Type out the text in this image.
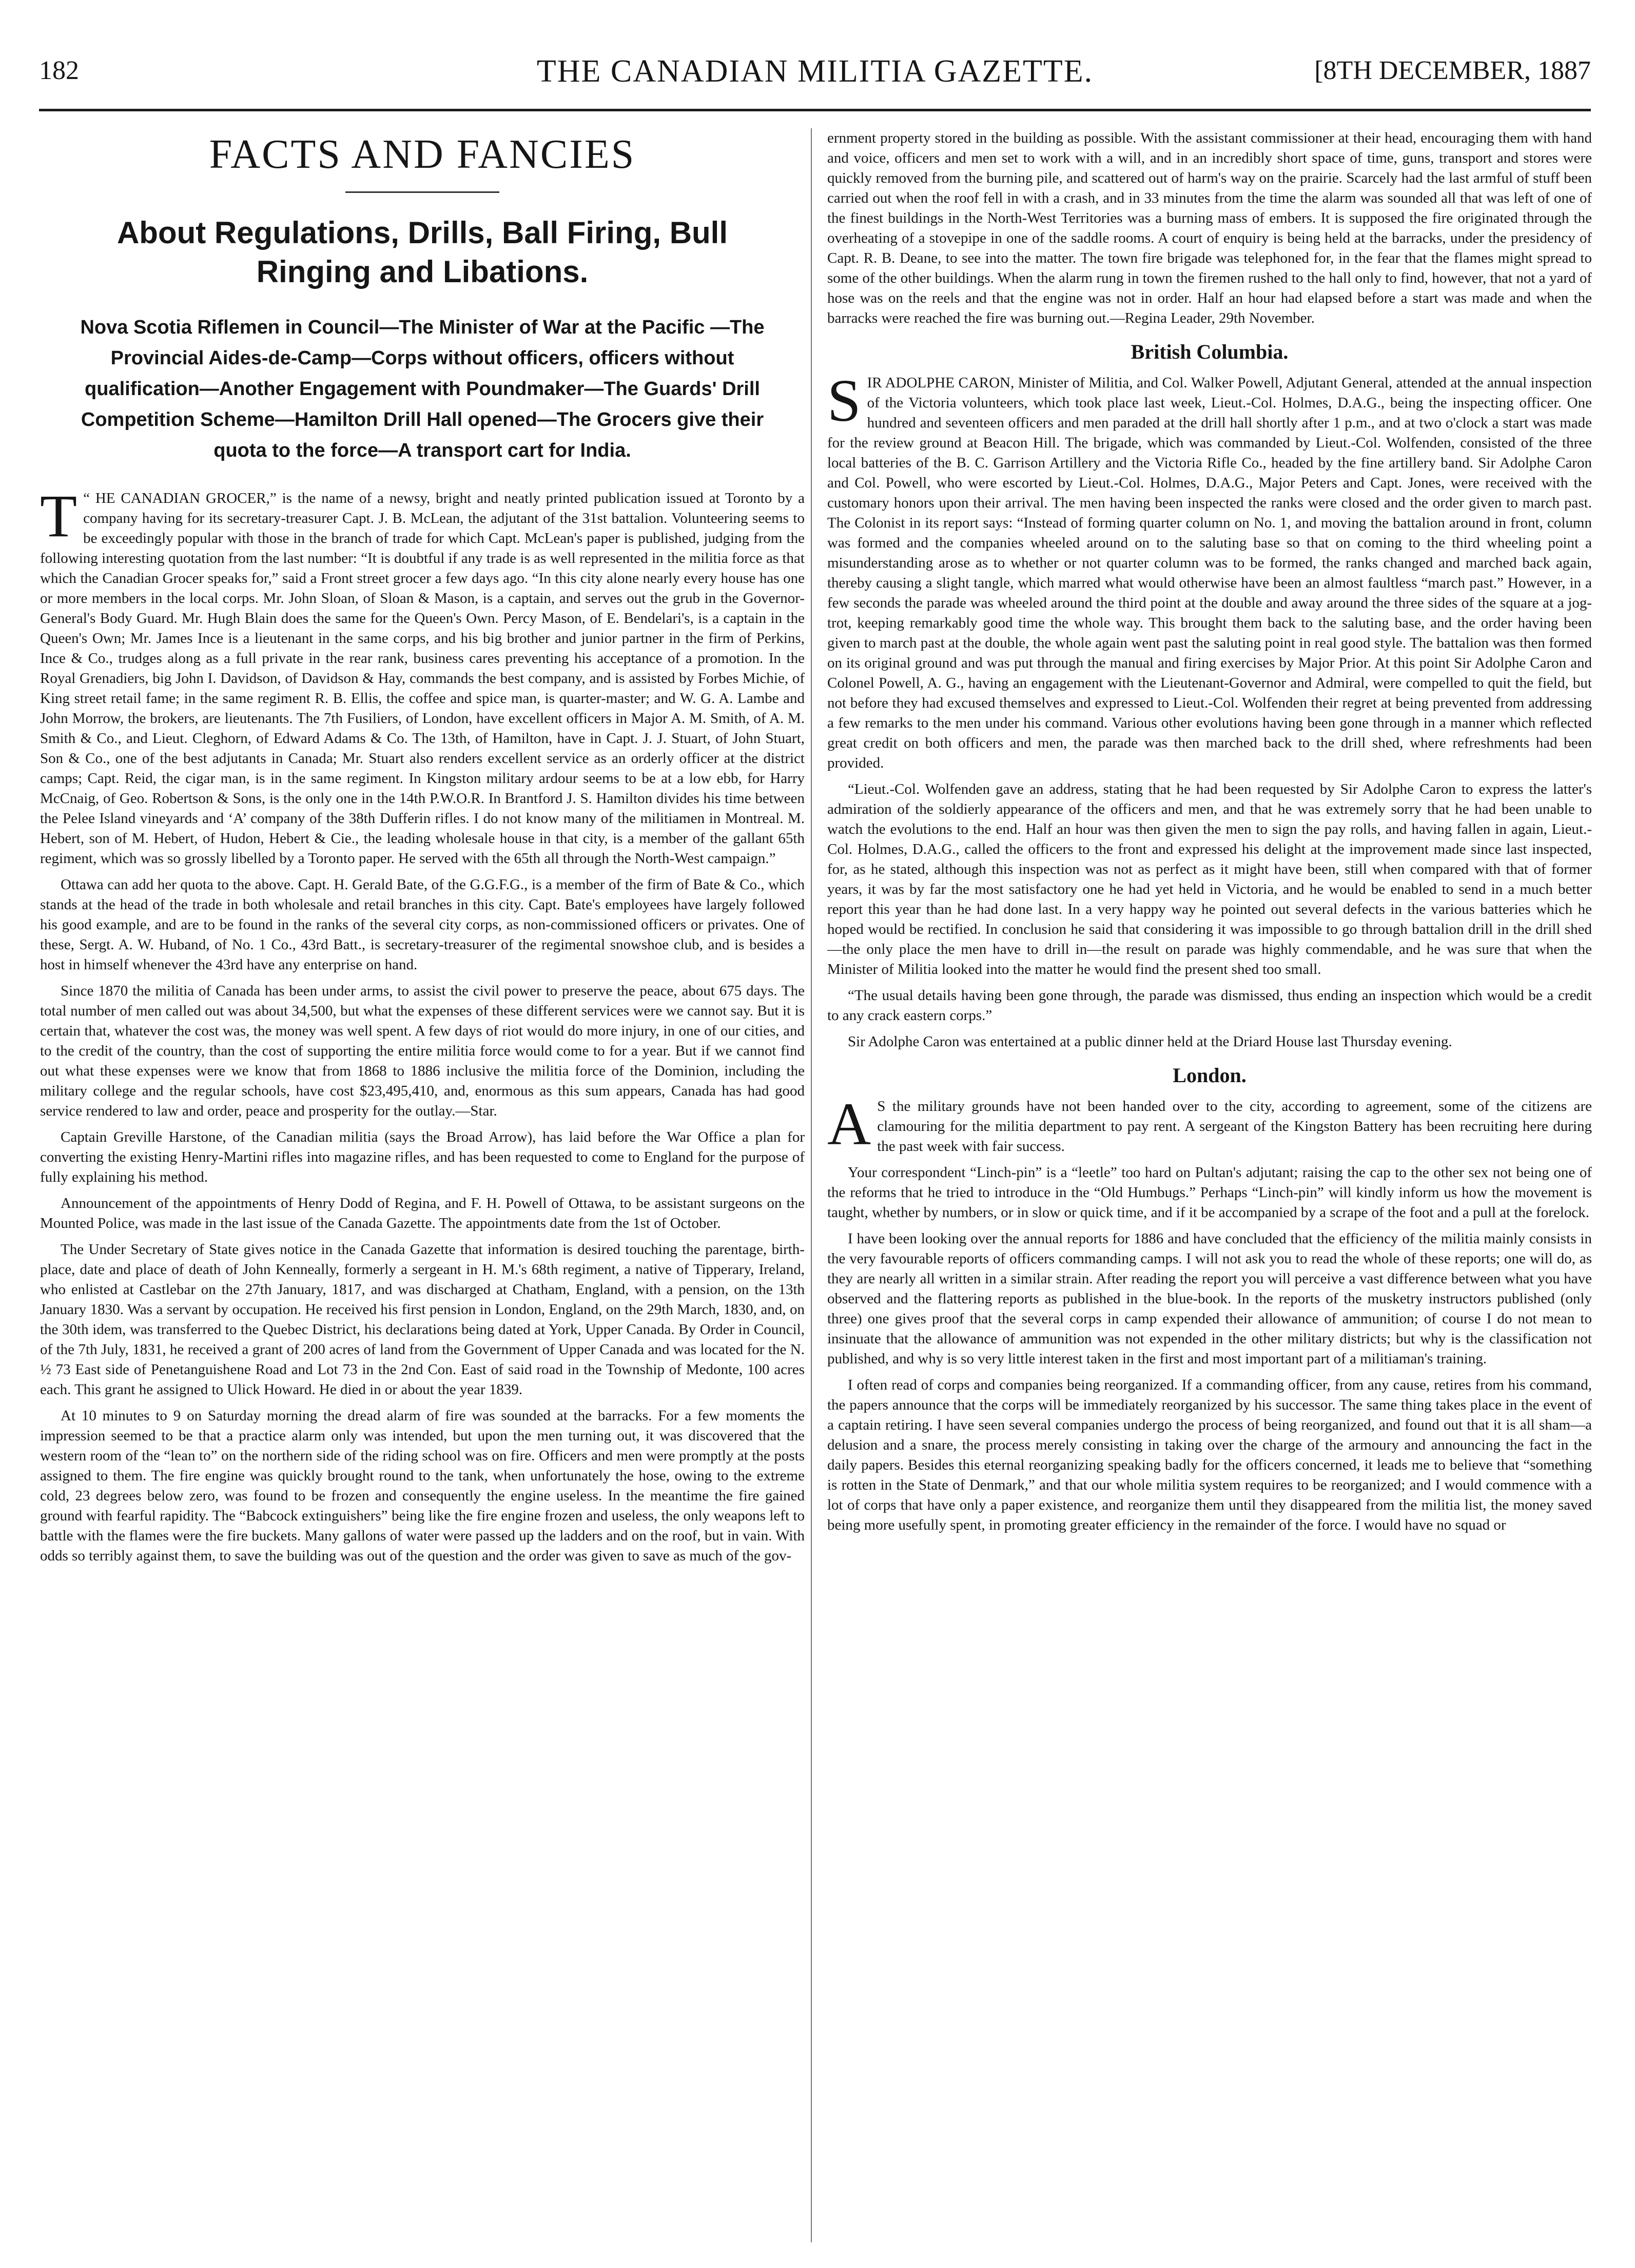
182	THE CANADIAN MILITIA GAZETTE.	[8TH DECEMBER, 1887
FACTS AND FANCIES
About Regulations, Drills, Ball Firing, Bull Ringing and Libations.
Nova Scotia Riflemen in Council—The Minister of War at the Pacific —The Provincial Aides-de-Camp—Corps without officers, officers without qualification—Another Engagement with Poundmaker—The Guards' Drill Competition Scheme—Hamilton Drill Hall opened—The Grocers give their quota to the force—A transport cart for India.

T “ HE CANADIAN GROCER,” is the name of a newsy, bright and neatly printed publication issued at Toronto by a company having for its secretary-treasurer Capt. J. B. McLean, the adjutant of the 31st battalion. Volunteering seems to be exceedingly popular with those in the branch of trade for which Capt. McLean's paper is published, judging from the following interesting quotation from the last number: “It is doubtful if any trade is as well represented in the militia force as that which the Canadian Grocer speaks for,” said a Front street grocer a few days ago. “In this city alone nearly every house has one or more members in the local corps. Mr. John Sloan, of Sloan & Mason, is a captain, and serves out the grub in the Governor-General's Body Guard. Mr. Hugh Blain does the same for the Queen's Own. Percy Mason, of E. Bendelari's, is a captain in the Queen's Own; Mr. James Ince is a lieutenant in the same corps, and his big brother and junior partner in the firm of Perkins, Ince & Co., trudges along as a full private in the rear rank, business cares preventing his acceptance of a promotion. In the Royal Grenadiers, big John I. Davidson, of Davidson & Hay, commands the best company, and is assisted by Forbes Michie, of King street retail fame; in the same regiment R. B. Ellis, the coffee and spice man, is quarter-master; and W. G. A. Lambe and John Morrow, the brokers, are lieutenants. The 7th Fusiliers, of London, have excellent officers in Major A. M. Smith, of A. M. Smith & Co., and Lieut. Cleghorn, of Edward Adams & Co. The 13th, of Hamilton, have in Capt. J. J. Stuart, of John Stuart, Son & Co., one of the best adjutants in Canada; Mr. Stuart also renders excellent service as an orderly officer at the district camps; Capt. Reid, the cigar man, is in the same regiment. In Kingston military ardour seems to be at a low ebb, for Harry McCnaig, of Geo. Robertson & Sons, is the only one in the 14th P.W.O.R. In Brantford J. S. Hamilton divides his time between the Pelee Island vineyards and ‘A’ company of the 38th Dufferin rifles. I do not know many of the militiamen in Montreal. M. Hebert, son of M. Hebert, of Hudon, Hebert & Cie., the leading wholesale house in that city, is a member of the gallant 65th regiment, which was so grossly libelled by a Toronto paper. He served with the 65th all through the North-West campaign.”

Ottawa can add her quota to the above. Capt. H. Gerald Bate, of the G.G.F.G., is a member of the firm of Bate & Co., which stands at the head of the trade in both wholesale and retail branches in this city. Capt. Bate's employees have largely followed his good example, and are to be found in the ranks of the several city corps, as non-commissioned officers or privates. One of these, Sergt. A. W. Huband, of No. 1 Co., 43rd Batt., is secretary-treasurer of the regimental snowshoe club, and is besides a host in himself whenever the 43rd have any enterprise on hand.

Since 1870 the militia of Canada has been under arms, to assist the civil power to preserve the peace, about 675 days. The total number of men called out was about 34,500, but what the expenses of these different services were we cannot say. But it is certain that, whatever the cost was, the money was well spent. A few days of riot would do more injury, in one of our cities, and to the credit of the country, than the cost of supporting the entire militia force would come to for a year. But if we cannot find out what these expenses were we know that from 1868 to 1886 inclusive the militia force of the Dominion, including the military college and the regular schools, have cost $23,495,410, and, enormous as this sum appears, Canada has had good service rendered to law and order, peace and prosperity for the outlay.—Star.

Captain Greville Harstone, of the Canadian militia (says the Broad Arrow), has laid before the War Office a plan for converting the existing Henry-Martini rifles into magazine rifles, and has been requested to come to England for the purpose of fully explaining his method.

Announcement of the appointments of Henry Dodd of Regina, and F. H. Powell of Ottawa, to be assistant surgeons on the Mounted Police, was made in the last issue of the Canada Gazette. The appointments date from the 1st of October.

The Under Secretary of State gives notice in the Canada Gazette that information is desired touching the parentage, birth-place, date and place of death of John Kenneally, formerly a sergeant in H. M.'s 68th regiment, a native of Tipperary, Ireland, who enlisted at Castlebar on the 27th January, 1817, and was discharged at Chatham, England, with a pension, on the 13th January 1830. Was a servant by occupation. He received his first pension in London, England, on the 29th March, 1830, and, on the 30th idem, was transferred to the Quebec District, his declarations being dated at York, Upper Canada. By Order in Council, of the 7th July, 1831, he received a grant of 200 acres of land from the Government of Upper Canada and was located for the N. ½ 73 East side of Penetanguishene Road and Lot 73 in the 2nd Con. East of said road in the Township of Medonte, 100 acres each. This grant he assigned to Ulick Howard. He died in or about the year 1839.

At 10 minutes to 9 on Saturday morning the dread alarm of fire was sounded at the barracks. For a few moments the impression seemed to be that a practice alarm only was intended, but upon the men turning out, it was discovered that the western room of the “lean to” on the northern side of the riding school was on fire. Officers and men were promptly at the posts assigned to them. The fire engine was quickly brought round to the tank, when unfortunately the hose, owing to the extreme cold, 23 degrees below zero, was found to be frozen and consequently the engine useless. In the meantime the fire gained ground with fearful rapidity. The “Babcock extinguishers” being like the fire engine frozen and useless, the only weapons left to battle with the flames were the fire buckets. Many gallons of water were passed up the ladders and on the roof, but in vain. With odds so terribly against them, to save the building was out of the question and the order was given to save as much of the gov-

ernment property stored in the building as possible. With the assistant commissioner at their head, encouraging them with hand and voice, officers and men set to work with a will, and in an incredibly short space of time, guns, transport and stores were quickly removed from the burning pile, and scattered out of harm's way on the prairie. Scarcely had the last armful of stuff been carried out when the roof fell in with a crash, and in 33 minutes from the time the alarm was sounded all that was left of one of the finest buildings in the North-West Territories was a burning mass of embers. It is supposed the fire originated through the overheating of a stovepipe in one of the saddle rooms. A court of enquiry is being held at the barracks, under the presidency of Capt. R. B. Deane, to see into the matter. The town fire brigade was telephoned for, in the fear that the flames might spread to some of the other buildings. When the alarm rung in town the firemen rushed to the hall only to find, however, that not a yard of hose was on the reels and that the engine was not in order. Half an hour had elapsed before a start was made and when the barracks were reached the fire was burning out.—Regina Leader, 29th November.

British Columbia.

S IR ADOLPHE CARON, Minister of Militia, and Col. Walker Powell, Adjutant General, attended at the annual inspection of the Victoria volunteers, which took place last week, Lieut.-Col. Holmes, D.A.G., being the inspecting officer. One hundred and seventeen officers and men paraded at the drill hall shortly after 1 p.m., and at two o'clock a start was made for the review ground at Beacon Hill. The brigade, which was commanded by Lieut.-Col. Wolfenden, consisted of the three local batteries of the B. C. Garrison Artillery and the Victoria Rifle Co., headed by the fine artillery band. Sir Adolphe Caron and Col. Powell, who were escorted by Lieut.-Col. Holmes, D.A.G., Major Peters and Capt. Jones, were received with the customary honors upon their arrival. The men having been inspected the ranks were closed and the order given to march past. The Colonist in its report says: “Instead of forming quarter column on No. 1, and moving the battalion around in front, column was formed and the companies wheeled around on to the saluting base so that on coming to the third wheeling point a misunderstanding arose as to whether or not quarter column was to be formed, the ranks changed and marched back again, thereby causing a slight tangle, which marred what would otherwise have been an almost faultless “march past.” However, in a few seconds the parade was wheeled around the third point at the double and away around the three sides of the square at a jog-trot, keeping remarkably good time the whole way. This brought them back to the saluting base, and the order having been given to march past at the double, the whole again went past the saluting point in real good style. The battalion was then formed on its original ground and was put through the manual and firing exercises by Major Prior. At this point Sir Adolphe Caron and Colonel Powell, A. G., having an engagement with the Lieutenant-Governor and Admiral, were compelled to quit the field, but not before they had excused themselves and expressed to Lieut.-Col. Wolfenden their regret at being prevented from addressing a few remarks to the men under his command. Various other evolutions having been gone through in a manner which reflected great credit on both officers and men, the parade was then marched back to the drill shed, where refreshments had been provided.

“Lieut.-Col. Wolfenden gave an address, stating that he had been requested by Sir Adolphe Caron to express the latter's admiration of the soldierly appearance of the officers and men, and that he was extremely sorry that he had been unable to watch the evolutions to the end. Half an hour was then given the men to sign the pay rolls, and having fallen in again, Lieut.-Col. Holmes, D.A.G., called the officers to the front and expressed his delight at the improvement made since last inspected, for, as he stated, although this inspection was not as perfect as it might have been, still when compared with that of former years, it was by far the most satisfactory one he had yet held in Victoria, and he would be enabled to send in a much better report this year than he had done last. In a very happy way he pointed out several defects in the various batteries which he hoped would be rectified. In conclusion he said that considering it was impossible to go through battalion drill in the drill shed—the only place the men have to drill in—the result on parade was highly commendable, and he was sure that when the Minister of Militia looked into the matter he would find the present shed too small.

“The usual details having been gone through, the parade was dismissed, thus ending an inspection which would be a credit to any crack eastern corps.”

Sir Adolphe Caron was entertained at a public dinner held at the Driard House last Thursday evening.

London.

A S the military grounds have not been handed over to the city, according to agreement, some of the citizens are clamouring for the militia department to pay rent. A sergeant of the Kingston Battery has been recruiting here during the past week with fair success.

Your correspondent “Linch-pin” is a “leetle” too hard on Pultan's adjutant; raising the cap to the other sex not being one of the reforms that he tried to introduce in the “Old Humbugs.” Perhaps “Linch-pin” will kindly inform us how the movement is taught, whether by numbers, or in slow or quick time, and if it be accompanied by a scrape of the foot and a pull at the forelock.

I have been looking over the annual reports for 1886 and have concluded that the efficiency of the militia mainly consists in the very favourable reports of officers commanding camps. I will not ask you to read the whole of these reports; one will do, as they are nearly all written in a similar strain. After reading the report you will perceive a vast difference between what you have observed and the flattering reports as published in the blue-book. In the reports of the musketry instructors published (only three) one gives proof that the several corps in camp expended their allowance of ammunition; of course I do not mean to insinuate that the allowance of ammunition was not expended in the other military districts; but why is the classification not published, and why is so very little interest taken in the first and most important part of a militiaman's training.

I often read of corps and companies being reorganized. If a commanding officer, from any cause, retires from his command, the papers announce that the corps will be immediately reorganized by his successor. The same thing takes place in the event of a captain retiring. I have seen several companies undergo the process of being reorganized, and found out that it is all sham—a delusion and a snare, the process merely consisting in taking over the charge of the armoury and announcing the fact in the daily papers. Besides this eternal reorganizing speaking badly for the officers concerned, it leads me to believe that “something is rotten in the State of Denmark,” and that our whole militia system requires to be reorganized; and I would commence with a lot of corps that have only a paper existence, and reorganize them until they disappeared from the militia list, the money saved being more usefully spent, in promoting greater efficiency in the remainder of the force. I would have no squad or
